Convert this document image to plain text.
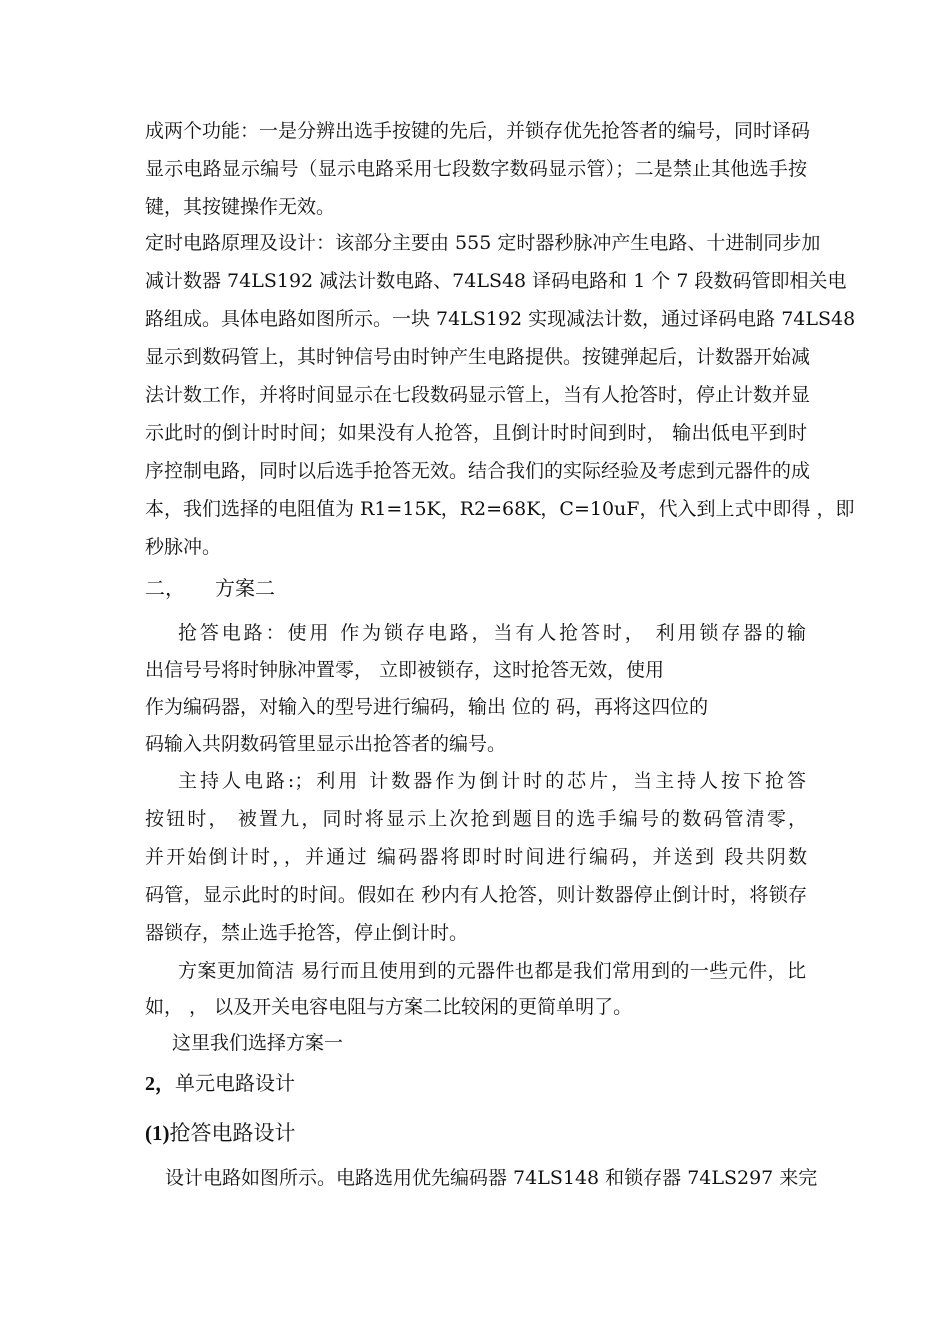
成两个功能：一是分辨出选手按键的先后，并锁存优先抢答者的编号，同时译码
显示电路显示编号（显示电路采用七段数字数码显示管）；二是禁止其他选手按
键，其按键操作无效。
定时电路原理及设计：该部分主要由 555 定时器秒脉冲产生电路、十进制同步加
减计数器 74LS192 减法计数电路、74LS48 译码电路和 1 个 7 段数码管即相关电
路组成。具体电路如图所示。一块 74LS192 实现减法计数，通过译码电路 74LS48
显示到数码管上，其时钟信号由时钟产生电路提供。按键弹起后，计数器开始减
法计数工作，并将时间显示在七段数码显示管上，当有人抢答时，停止计数并显
示此时的倒计时时间；如果没有人抢答，且倒计时时间到时， 输出低电平到时
序控制电路，同时以后选手抢答无效。结合我们的实际经验及考虑到元器件的成
本，我们选择的电阻值为 R1=15K，R2=68K，C=10uF，代入到上式中即得 ，即
秒脉冲。
二， 方案二
抢答电路：使用 作为锁存电路，当有人抢答时， 利用锁存器的输
出信号号将时钟脉冲置零， 立即被锁存，这时抢答无效，使用
作为编码器，对输入的型号进行编码，输出 位的 码，再将这四位的
码输入共阴数码管里显示出抢答者的编号。
主持人电路:；利用 计数器作为倒计时的芯片，当主持人按下抢答
按钮时， 被置九，同时将显示上次抢到题目的选手编号的数码管清零，
并开始倒计时，，并通过 编码器将即时时间进行编码，并送到 段共阴数
码管，显示此时的时间。假如在 秒内有人抢答，则计数器停止倒计时，将锁存
器锁存，禁止选手抢答，停止倒计时。
方案更加简洁 易行而且使用到的元器件也都是我们常用到的一些元件，比
如， ， 以及开关电容电阻与方案二比较闲的更简单明了。
这里我们选择方案一
2，单元电路设计
(1)抢答电路设计
设计电路如图所示。电路选用优先编码器 74LS148 和锁存器 74LS297 来完
